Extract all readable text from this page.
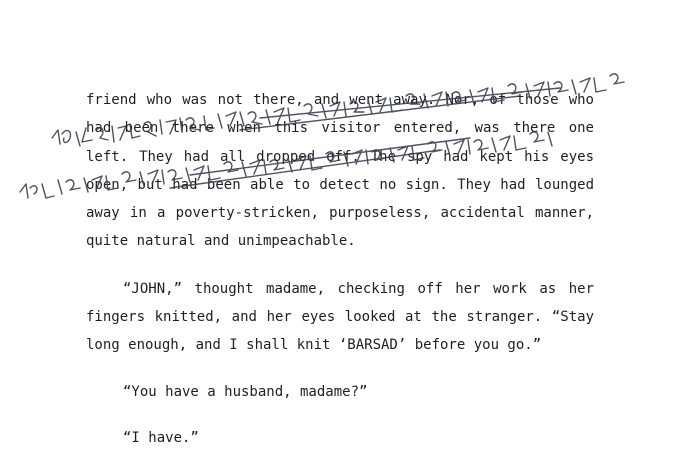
friend who was not there, and went away. Nor, of those who had been there when this visitor entered, was there one left. They had all dropped off. The spy had kept his eyes open, but had been able to detect no sign. They had lounged away in a poverty-stricken, purposeless, accidental manner, quite natural and unimpeachable.

“JOHN,” thought madame, checking off her work as her fingers knitted, and her eyes looked at the stranger. “Stay long enough, and I shall knit ‘BARSAD’ before you go.”

“You have a husband, madame?”

“I have.”
